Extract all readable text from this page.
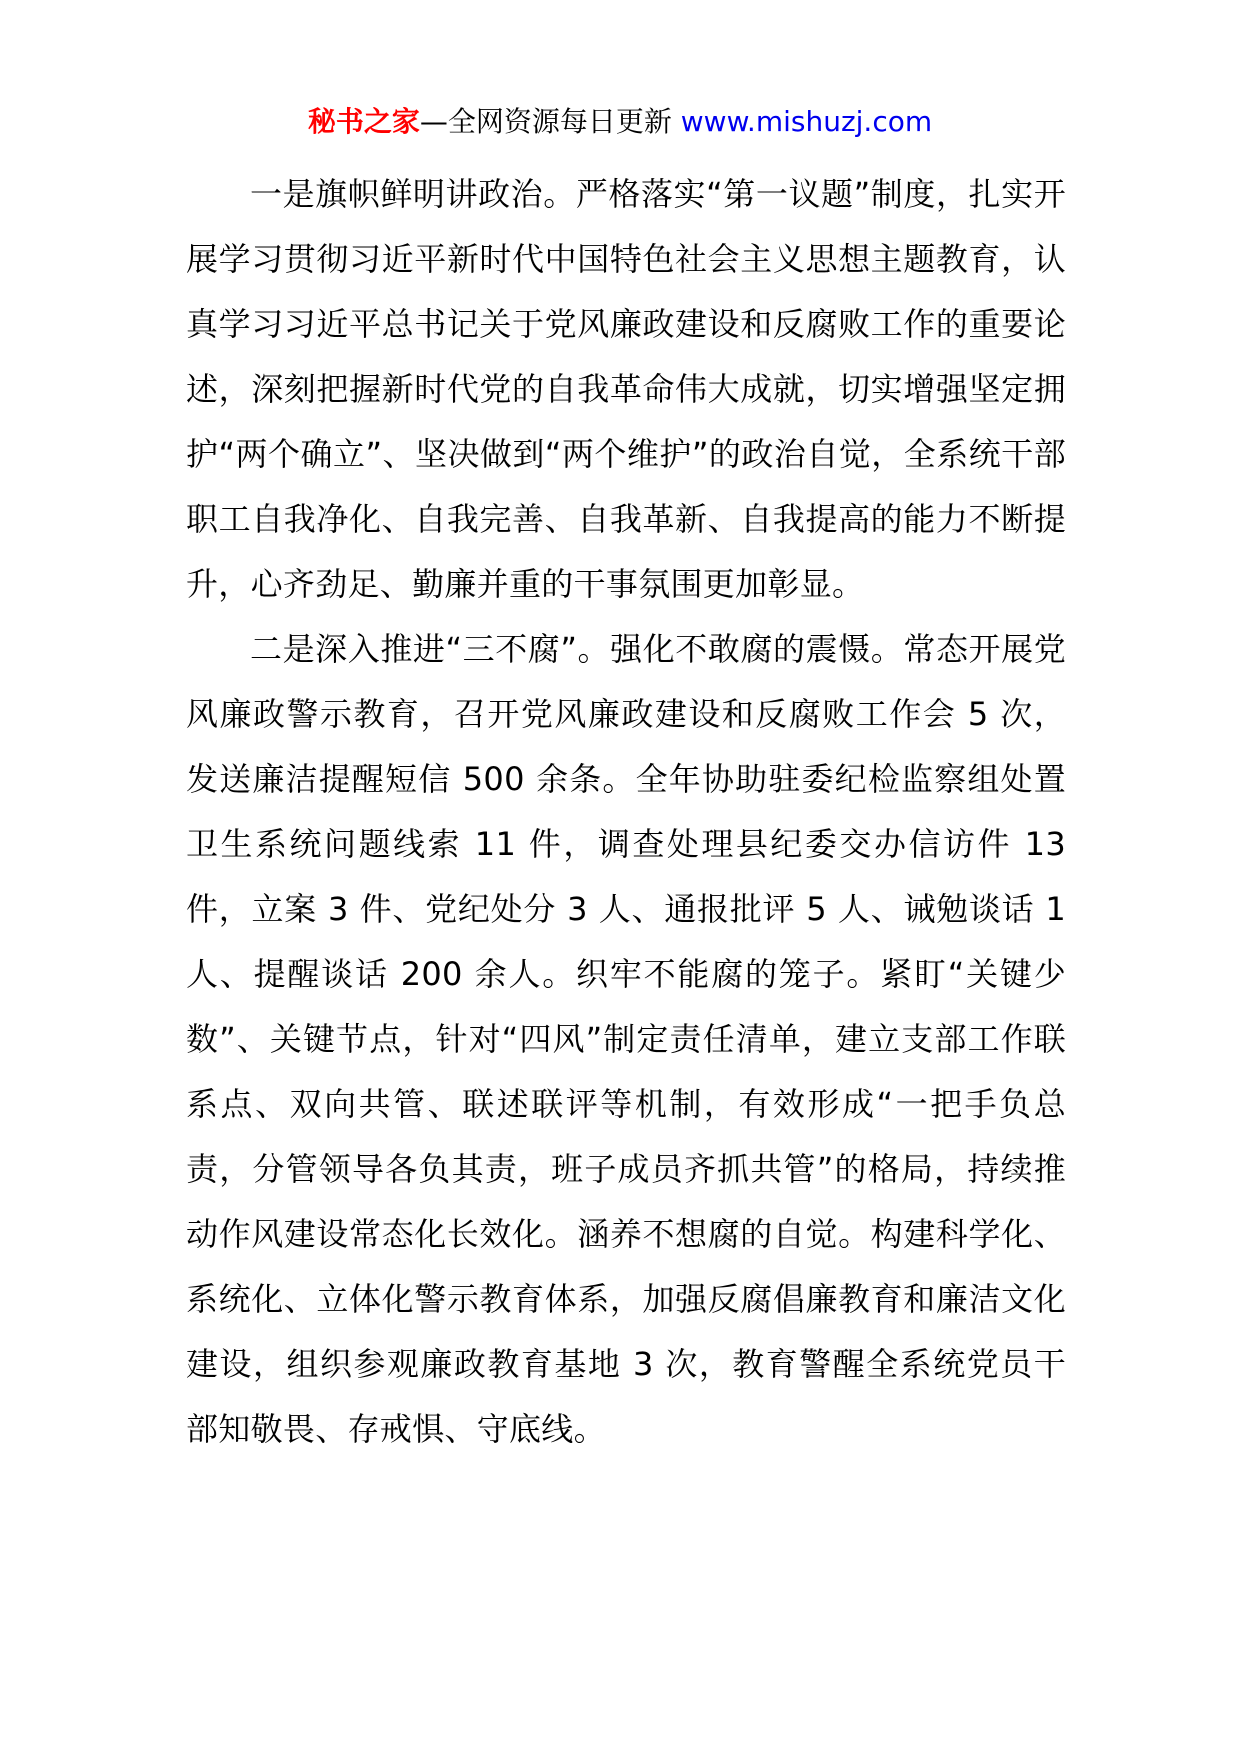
秘书之家—全网资源每日更新 www.mishuzj.com

一是旗帜鲜明讲政治。严格落实“第一议题”制度，扎实开展学习贯彻习近平新时代中国特色社会主义思想主题教育，认真学习习近平总书记关于党风廉政建设和反腐败工作的重要论述，深刻把握新时代党的自我革命伟大成就，切实增强坚定拥护“两个确立”、坚决做到“两个维护”的政治自觉，全系统干部职工自我净化、自我完善、自我革新、自我提高的能力不断提升，心齐劲足、勤廉并重的干事氛围更加彰显。

二是深入推进“三不腐”。强化不敢腐的震慑。常态开展党风廉政警示教育，召开党风廉政建设和反腐败工作会 5 次，发送廉洁提醒短信 500 余条。全年协助驻委纪检监察组处置卫生系统问题线索 11 件，调查处理县纪委交办信访件 13 件，立案 3 件、党纪处分 3 人、通报批评 5 人、诫勉谈话 1 人、提醒谈话 200 余人。织牢不能腐的笼子。紧盯“关键少数”、关键节点，针对“四风”制定责任清单，建立支部工作联系点、双向共管、联述联评等机制，有效形成“一把手负总责，分管领导各负其责，班子成员齐抓共管”的格局，持续推动作风建设常态化长效化。涵养不想腐的自觉。构建科学化、系统化、立体化警示教育体系，加强反腐倡廉教育和廉洁文化建设，组织参观廉政教育基地 3 次，教育警醒全系统党员干部知敬畏、存戒惧、守底线。
